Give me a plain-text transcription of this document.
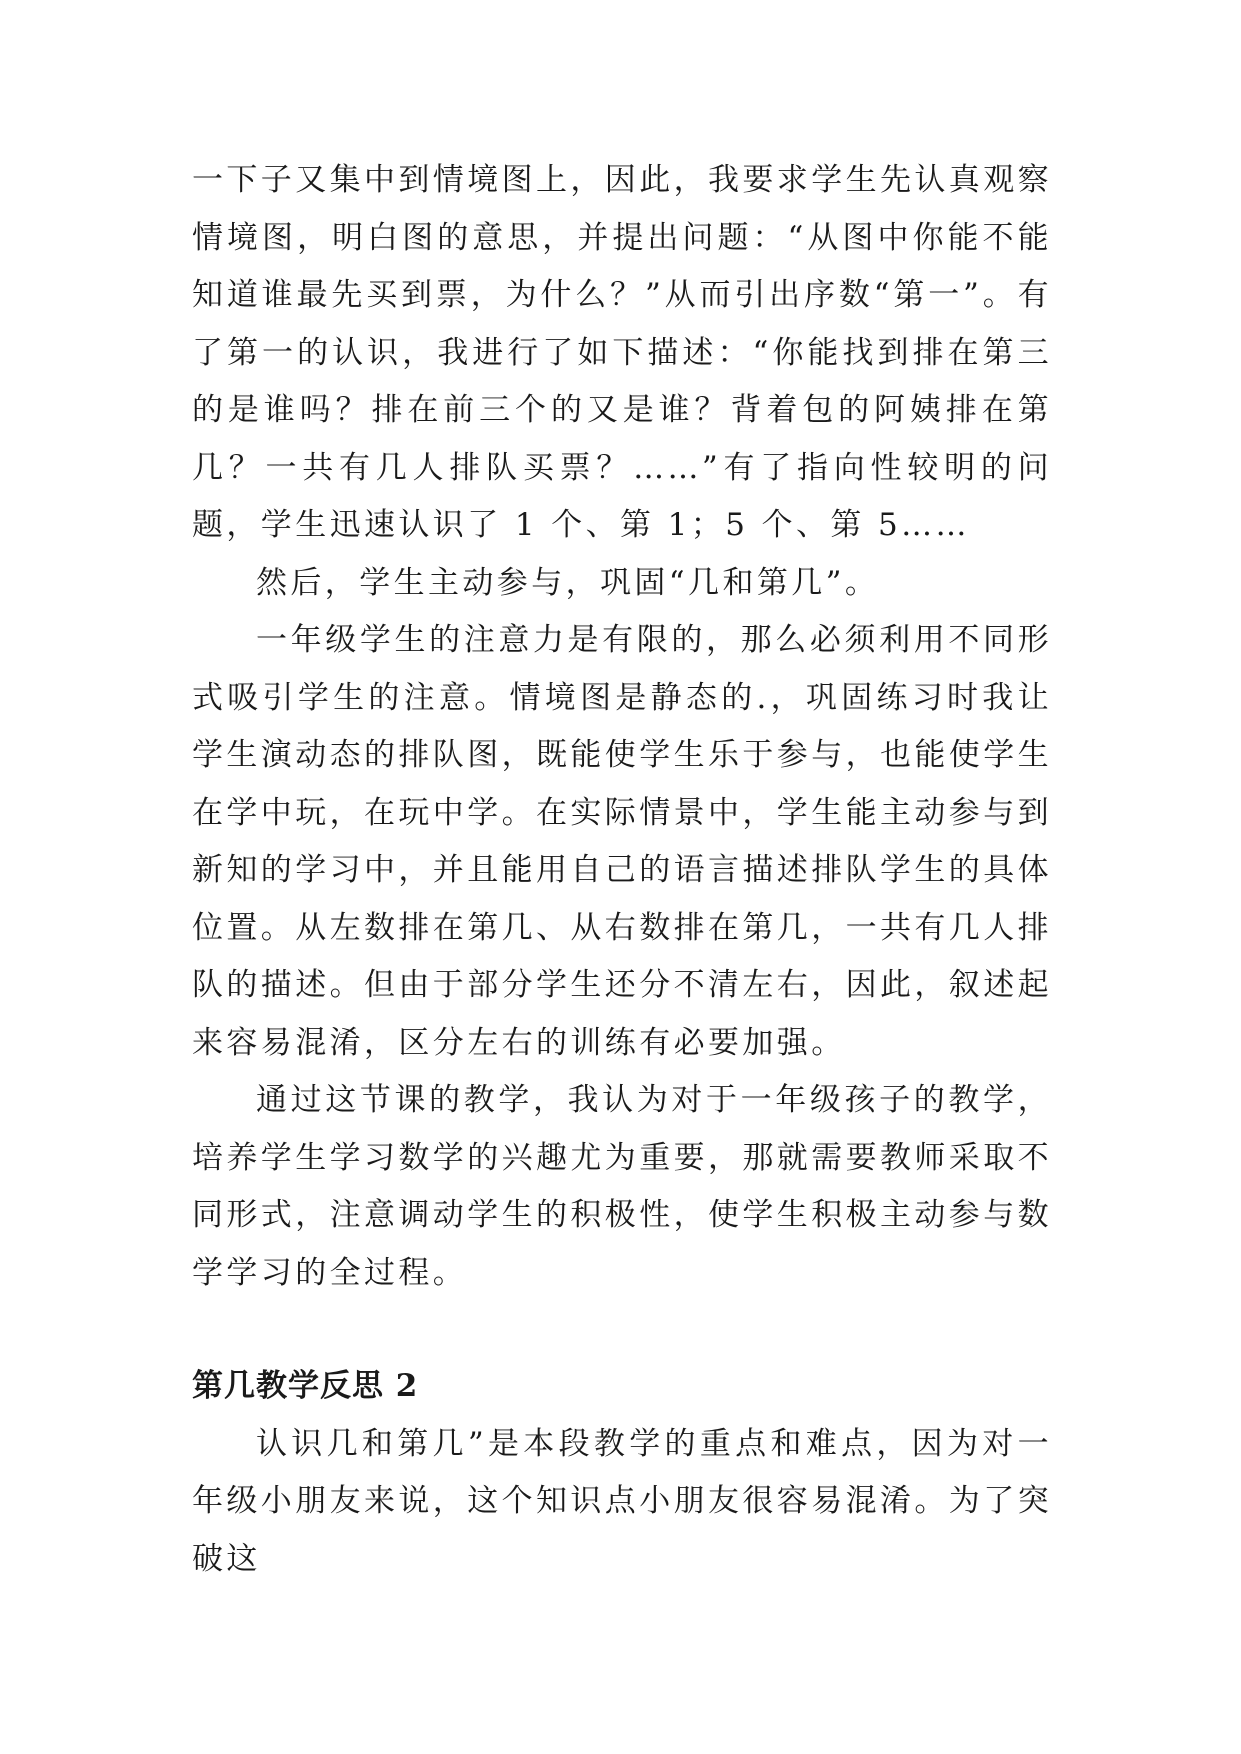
一下子又集中到情境图上，因此，我要求学生先认真观察情境图，明白图的意思，并提出问题：“从图中你能不能知道谁最先买到票，为什么？”从而引出序数“第一”。有了第一的认识，我进行了如下描述：“你能找到排在第三的是谁吗？排在前三个的又是谁？背着包的阿姨排在第几？一共有几人排队买票？……”有了指向性较明的问题，学生迅速认识了 1 个、第 1；5 个、第 5……

然后，学生主动参与，巩固“几和第几”。

一年级学生的注意力是有限的，那么必须利用不同形式吸引学生的注意。情境图是静态的.，巩固练习时我让学生演动态的排队图，既能使学生乐于参与，也能使学生在学中玩，在玩中学。在实际情景中，学生能主动参与到新知的学习中，并且能用自己的语言描述排队学生的具体位置。从左数排在第几、从右数排在第几，一共有几人排队的描述。但由于部分学生还分不清左右，因此，叙述起来容易混淆，区分左右的训练有必要加强。

通过这节课的教学，我认为对于一年级孩子的教学，培养学生学习数学的兴趣尤为重要，那就需要教师采取不同形式，注意调动学生的积极性，使学生积极主动参与数学学习的全过程。

第几教学反思 2

认识几和第几”是本段教学的重点和难点，因为对一年级小朋友来说，这个知识点小朋友很容易混淆。为了突破这
